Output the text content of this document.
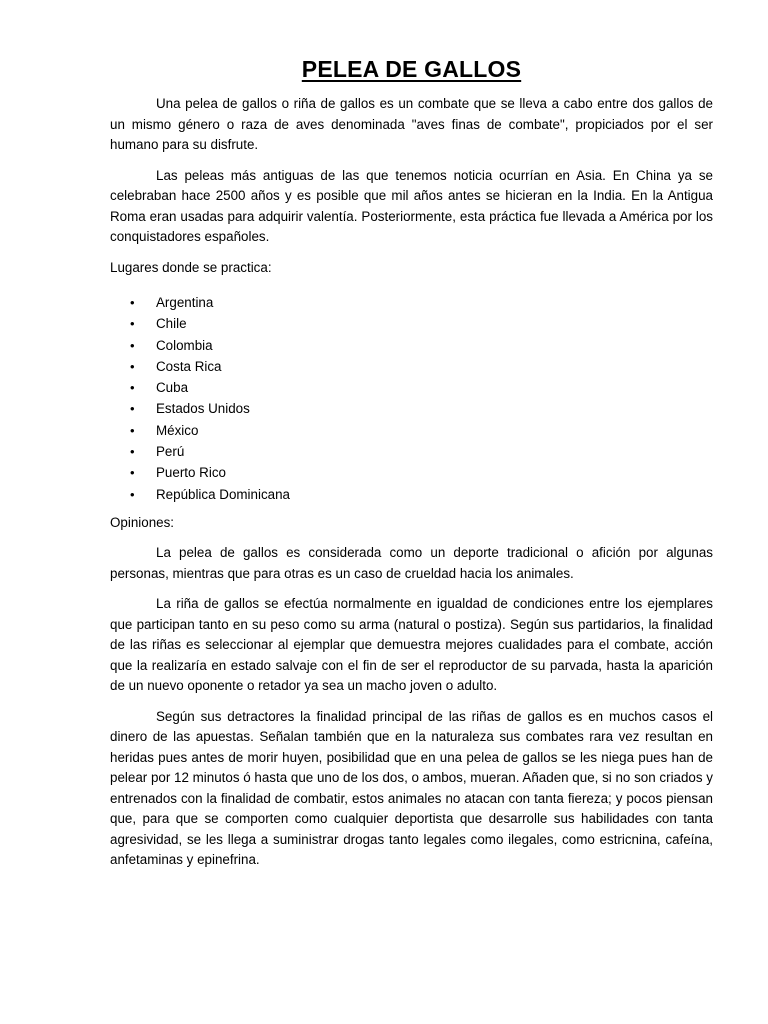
PELEA DE GALLOS

Una pelea de gallos o riña de gallos es un combate que se lleva a cabo entre dos gallos de un mismo género o raza de aves denominada "aves finas de combate", propiciados por el ser humano para su disfrute.

Las peleas más antiguas de las que tenemos noticia ocurrían en Asia. En China ya se celebraban hace 2500 años y es posible que mil años antes se hicieran en la India. En la Antigua Roma eran usadas para adquirir valentía. Posteriormente, esta práctica fue llevada a América por los conquistadores españoles.

Lugares donde se practica:

• Argentina
• Chile
• Colombia
• Costa Rica
• Cuba
• Estados Unidos
• México
• Perú
• Puerto Rico
• República Dominicana

Opiniones:

La pelea de gallos es considerada como un deporte tradicional o afición por algunas personas, mientras que para otras es un caso de crueldad hacia los animales.

La riña de gallos se efectúa normalmente en igualdad de condiciones entre los ejemplares que participan tanto en su peso como su arma (natural o postiza). Según sus partidarios, la finalidad de las riñas es seleccionar al ejemplar que demuestra mejores cualidades para el combate, acción que la realizaría en estado salvaje con el fin de ser el reproductor de su parvada, hasta la aparición de un nuevo oponente o retador ya sea un macho joven o adulto.

Según sus detractores la finalidad principal de las riñas de gallos es en muchos casos el dinero de las apuestas. Señalan también que en la naturaleza sus combates rara vez resultan en heridas pues antes de morir huyen, posibilidad que en una pelea de gallos se les niega pues han de pelear por 12 minutos ó hasta que uno de los dos, o ambos, mueran. Añaden que, si no son criados y entrenados con la finalidad de combatir, estos animales no atacan con tanta fiereza; y pocos piensan que, para que se comporten como cualquier deportista que desarrolle sus habilidades con tanta agresividad, se les llega a suministrar drogas tanto legales como ilegales, como estricnina, cafeína, anfetaminas y epinefrina.
